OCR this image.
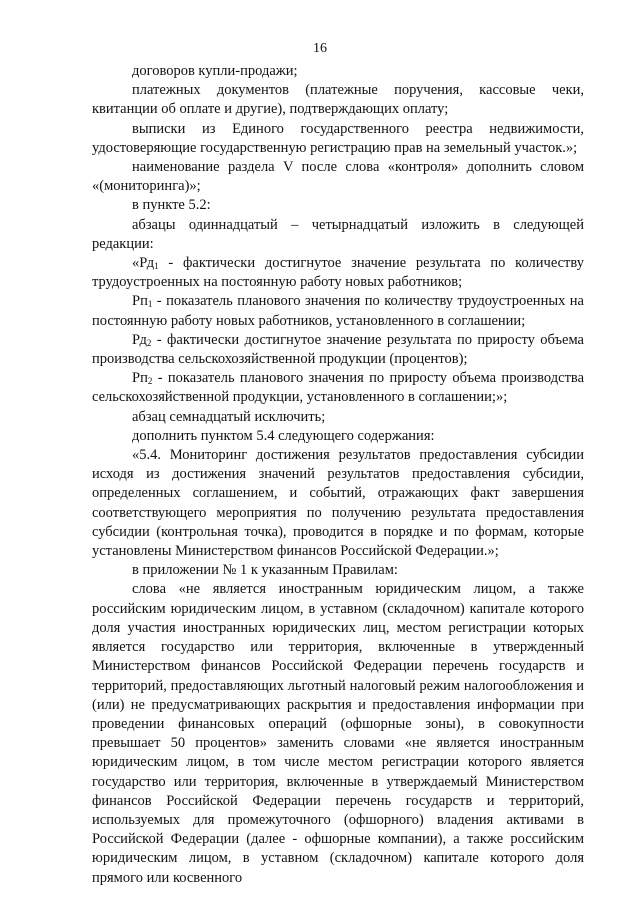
16

договоров купли-продажи;

платежных документов (платежные поручения, кассовые чеки, квитанции об оплате и другие), подтверждающих оплату;

выписки из Единого государственного реестра недвижимости, удостоверяющие государственную регистрацию прав на земельный участок.»;

наименование раздела V после слова «контроля» дополнить словом «(мониторинга)»;

в пункте 5.2:

абзацы одиннадцатый – четырнадцатый изложить в следующей редакции:

«$Рд_1$ - фактически достигнутое значение результата по количеству трудоустроенных на постоянную работу новых работников;

$Рп_1$ - показатель планового значения по количеству трудоустроенных на постоянную работу новых работников, установленного в соглашении;

$Рд_2$ - фактически достигнутое значение результата по приросту объема производства сельскохозяйственной продукции (процентов);

$Рп_2$ - показатель планового значения по приросту объема производства сельскохозяйственной продукции, установленного в соглашении;»;

абзац семнадцатый исключить;

дополнить пунктом 5.4 следующего содержания:

«5.4. Мониторинг достижения результатов предоставления субсидии исходя из достижения значений результатов предоставления субсидии, определенных соглашением, и событий, отражающих факт завершения соответствующего мероприятия по получению результата предоставления субсидии (контрольная точка), проводится в порядке и по формам, которые установлены Министерством финансов Российской Федерации.»;

в приложении № 1 к указанным Правилам:

слова «не является иностранным юридическим лицом, а также российским юридическим лицом, в уставном (складочном) капитале которого доля участия иностранных юридических лиц, местом регистрации которых является государство или территория, включенные в утвержденный Министерством финансов Российской Федерации перечень государств и территорий, предоставляющих льготный налоговый режим налогообложения и (или) не предусматривающих раскрытия и предоставления информации при проведении финансовых операций (офшорные зоны), в совокупности превышает 50 процентов» заменить словами «не является иностранным юридическим лицом, в том числе местом регистрации которого является государство или территория, включенные в утверждаемый Министерством финансов Российской Федерации перечень государств и территорий, используемых для промежуточного (офшорного) владения активами в Российской Федерации (далее - офшорные компании), а также российским юридическим лицом, в уставном (складочном) капитале которого доля прямого или косвенного
